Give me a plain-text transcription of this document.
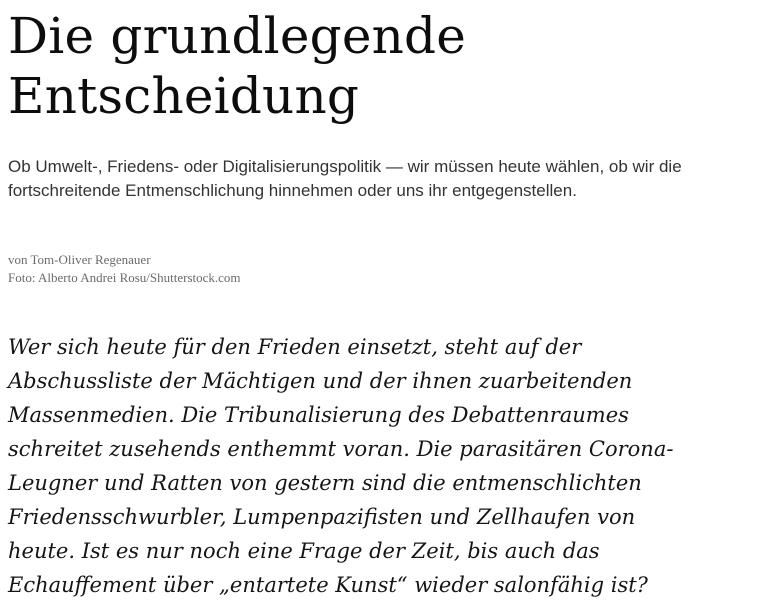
Die grundlegende
Entscheidung

Ob Umwelt-, Friedens- oder Digitalisierungspolitik — wir müssen heute wählen, ob wir die fortschreitende Entmenschlichung hinnehmen oder uns ihr entgegenstellen.

von Tom-Oliver Regenauer
Foto: Alberto Andrei Rosu/Shutterstock.com

Wer sich heute für den Frieden einsetzt, steht auf der Abschussliste der Mächtigen und der ihnen zuarbeitenden Massenmedien. Die Tribunalisierung des Debattenraumes schreitet zusehends enthemmt voran. Die parasitären Corona-Leugner und Ratten von gestern sind die entmenschlichten Friedensschwurbler, Lumpenpazifisten und Zellhaufen von heute. Ist es nur noch eine Frage der Zeit, bis auch das Echauffement über „entartete Kunst“ wieder salonfähig ist?
